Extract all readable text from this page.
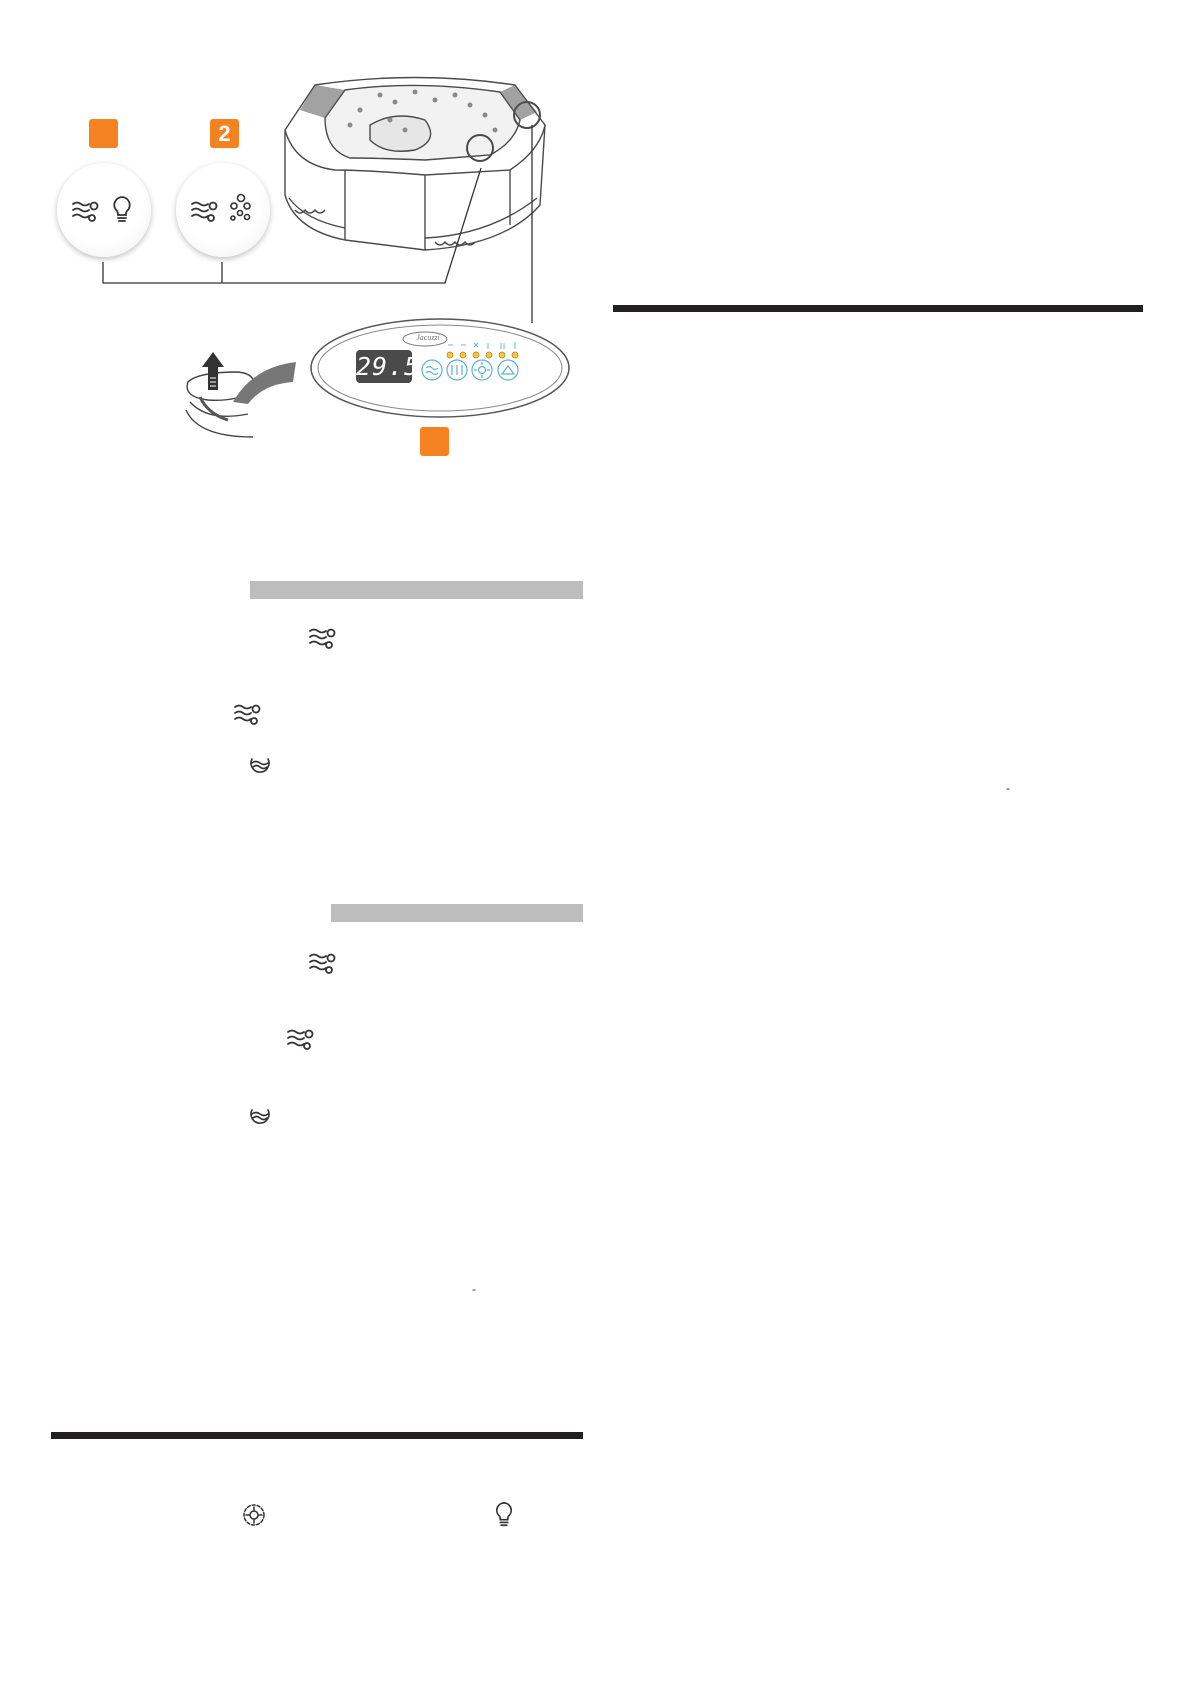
2
29.5
Jacuzzi
-
-
